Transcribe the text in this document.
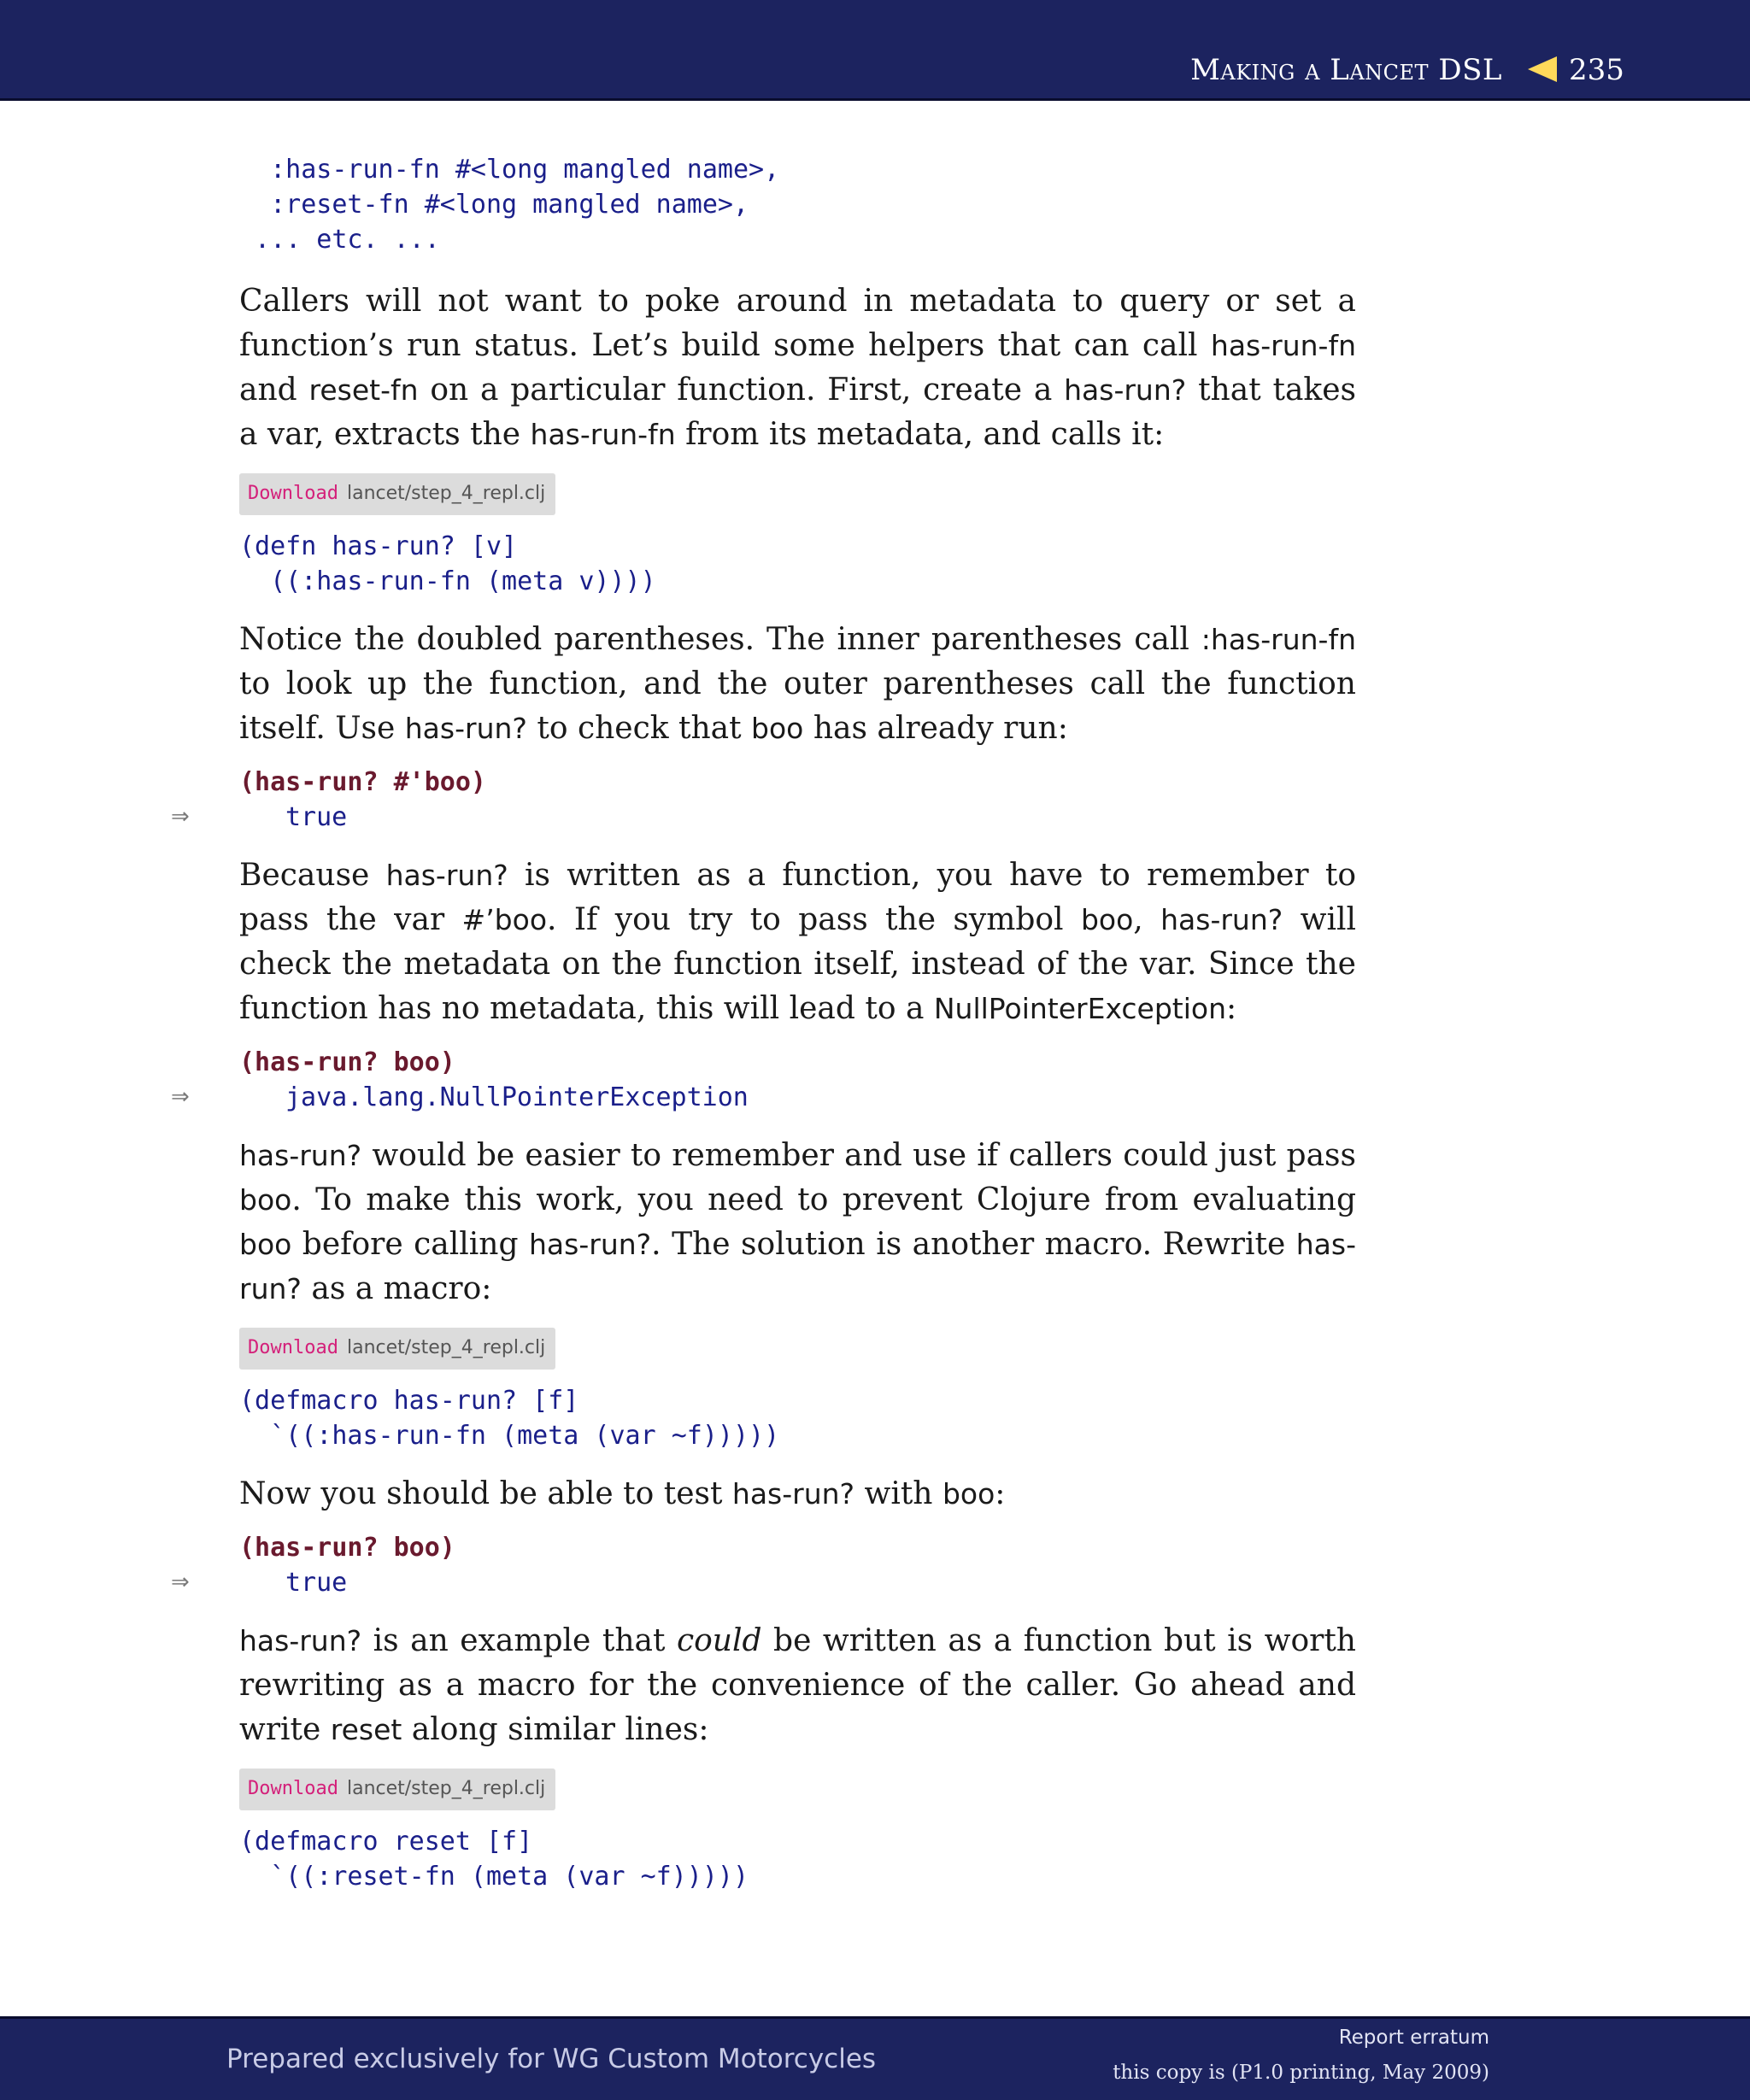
Making a Lancet DSL 235
:has-run-fn #<long mangled name>,
:reset-fn #<long mangled name>,
... etc. ...

Callers will not want to poke around in metadata to query or set a function’s run status. Let’s build some helpers that can call has-run-fn and reset-fn on a particular function. First, create a has-run? that takes a var, extracts the has-run-fn from its metadata, and calls it:

Download lancet/step_4_repl.clj
(defn has-run? [v]
((:has-run-fn (meta v))))

Notice the doubled parentheses. The inner parentheses call :has-run-fn to look up the function, and the outer parentheses call the function itself. Use has-run? to check that boo has already run:

(has-run? #'boo)
⇒	true

Because has-run? is written as a function, you have to remember to pass the var #’boo. If you try to pass the symbol boo, has-run? will check the metadata on the function itself, instead of the var. Since the function has no metadata, this will lead to a NullPointerException:

(has-run? boo)
⇒	java.lang.NullPointerException

has-run? would be easier to remember and use if callers could just pass boo. To make this work, you need to prevent Clojure from evaluating boo before calling has-run?. The solution is another macro. Rewrite has-run? as a macro:

Download lancet/step_4_repl.clj
(defmacro has-run? [f]
`((:has-run-fn (meta (var ~f)))))

Now you should be able to test has-run? with boo:

(has-run? boo)
⇒	true

has-run? is an example that could be written as a function but is worth rewriting as a macro for the convenience of the caller. Go ahead and write reset along similar lines:

Download lancet/step_4_repl.clj
(defmacro reset [f]
`((:reset-fn (meta (var ~f)))))
Prepared exclusively for WG Custom Motorcycles
Report erratum
this copy is (P1.0 printing, May 2009)
